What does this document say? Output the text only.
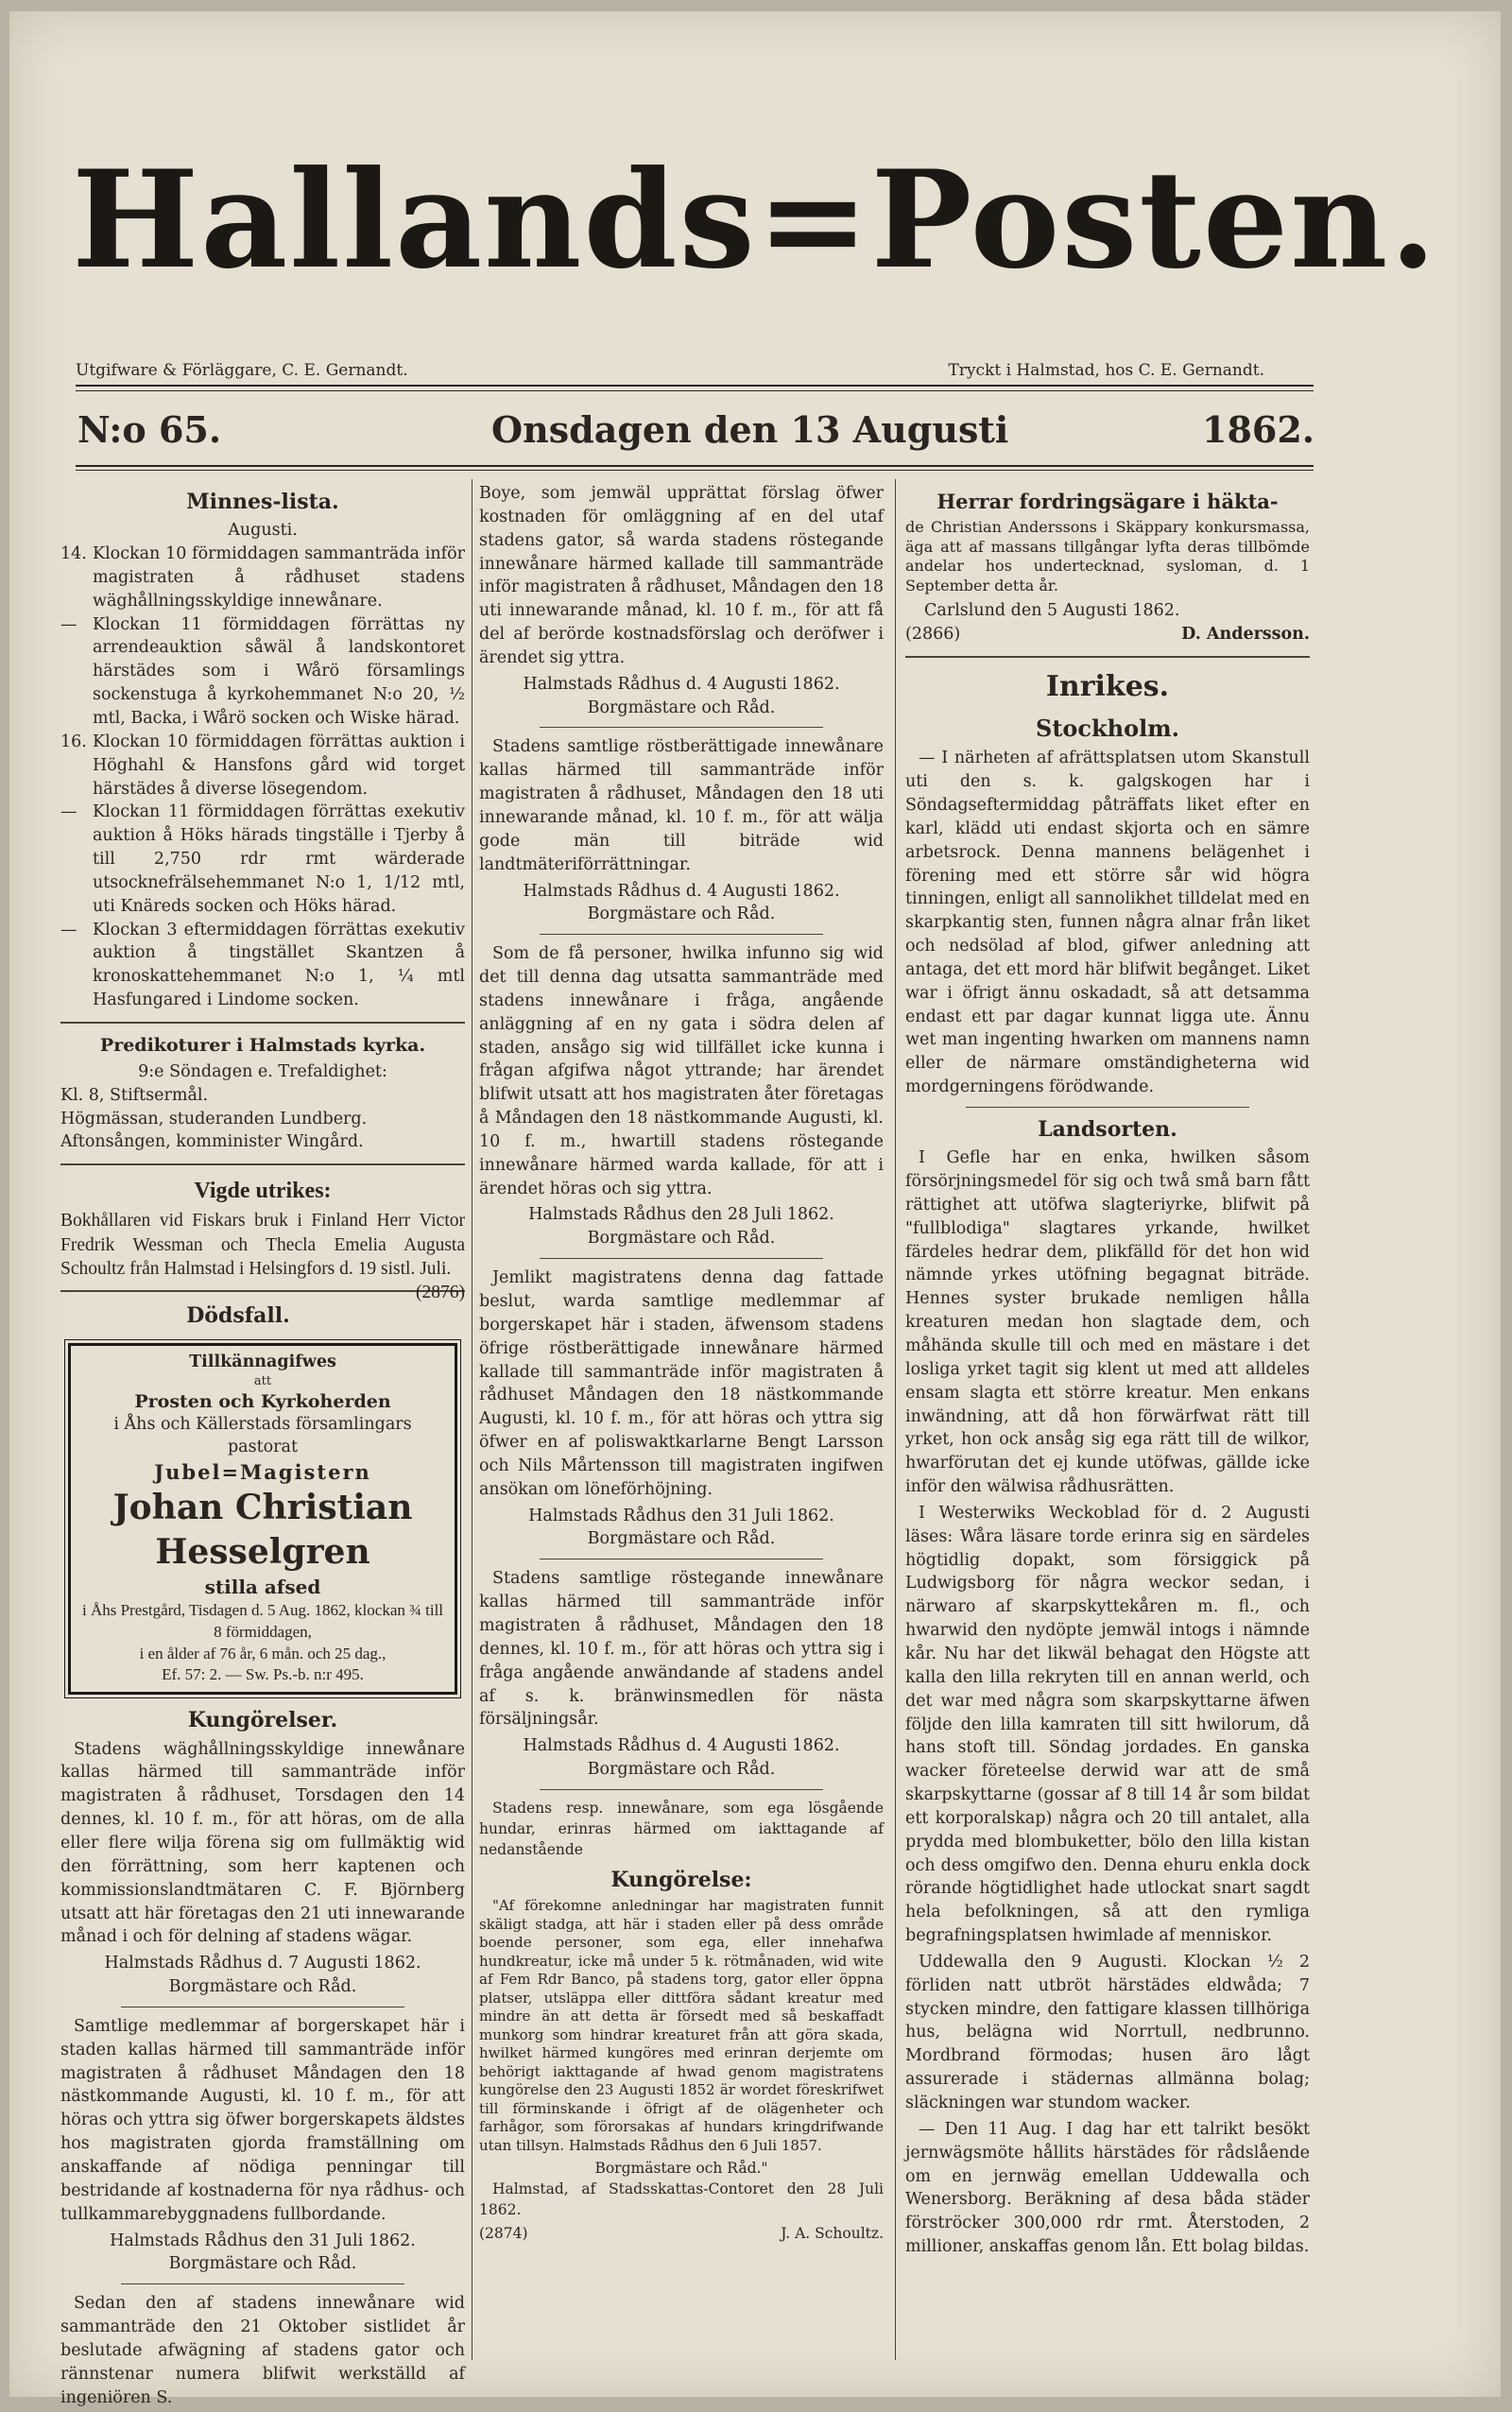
Hallands=Posten.
Utgifware & Förläggare, C. E. Gernandt.	Tryckt i Halmstad, hos C. E. Gernandt.
N:o 65.	Onsdagen den 13 Augusti	1862.
Minnes-lista.
Augusti.
14. Klockan 10 förmiddagen sammanträda inför magistraten å rådhuset stadens wäghållningsskyldige innewånare.
— Klockan 11 förmiddagen förrättas ny arrendeauktion såwäl å landskontoret härstädes som i Wårö församlings sockenstuga å kyrkohemmanet N:o 20, ½ mtl, Backa, i Wårö socken och Wiske härad.
16. Klockan 10 förmiddagen förrättas auktion i Höghahl & Hansfons gård wid torget härstädes å diverse lösegendom.
— Klockan 11 förmiddagen förrättas exekutiv auktion å Höks härads tingställe i Tjerby å till 2,750 rdr rmt wärderade utsocknefrälsehemmanet N:o 1, 1/12 mtl, uti Knäreds socken och Höks härad.
— Klockan 3 eftermiddagen förrättas exekutiv auktion å tingstället Skantzen å kronoskattehemmanet N:o 1, ¼ mtl Hasfungared i Lindome socken.
Predikoturer i Halmstads kyrka.
9:e Söndagen e. Trefaldighet:
Kl. 8, Stiftsermål.
Högmässan, studeranden Lundberg.
Aftonsången, komminister Wingård.
Vigde utrikes:
Bokhållaren vid Fiskars bruk i Finland Herr Victor Fredrik Wessman och Thecla Emelia Augusta Schoultz från Halmstad i Helsingfors d. 19 sistl. Juli.
(2876)
Dödsfall.
Tillkännagifwes
att
Prosten och Kyrkoherden
i Åhs och Källerstads församlingars pastorat
Jubel=Magistern
Johan Christian Hesselgren
stilla afsed
i Åhs Prestgård, Tisdagen d. 5 Aug. 1862, klockan ¾ till 8 förmiddagen,
i en ålder af 76 år, 6 mån. och 25 dag.,
Ef. 57: 2. — Sw. Ps.-b. n:r 495.
Kungörelser.

Stadens wäghållningsskyldige innewånare kallas härmed till sammanträde inför magistraten å rådhuset, Torsdagen den 14 dennes, kl. 10 f. m., för att höras, om de alla eller flere wilja förena sig om fullmäktig wid den förrättning, som herr kaptenen och kommissionslandtmätaren C. F. Björnberg utsatt att här företagas den 21 uti innewarande månad i och för delning af stadens wägar.

Halmstads Rådhus d. 7 Augusti 1862.
Borgmästare och Råd.

Samtlige medlemmar af borgerskapet här i staden kallas härmed till sammanträde inför magistraten å rådhuset Måndagen den 18 nästkommande Augusti, kl. 10 f. m., för att höras och yttra sig öfwer borgerskapets äldstes hos magistraten gjorda framställning om anskaffande af nödiga penningar till bestridande af kostnaderna för nya rådhus- och tullkammarebyggnadens fullbordande.

Halmstads Rådhus den 31 Juli 1862.
Borgmästare och Råd.

Sedan den af stadens innewånare wid sammanträde den 21 Oktober sistlidet år beslutade afwägning af stadens gator och rännstenar numera blifwit werkställd af ingeniören S.

Boye, som jemwäl upprättat förslag öfwer kostnaden för omläggning af en del utaf stadens gator, så warda stadens röstegande innewånare härmed kallade till sammanträde inför magistraten å rådhuset, Måndagen den 18 uti innewarande månad, kl. 10 f. m., för att få del af berörde kostnadsförslag och deröfwer i ärendet sig yttra.

Halmstads Rådhus d. 4 Augusti 1862.
Borgmästare och Råd.

Stadens samtlige röstberättigade innewånare kallas härmed till sammanträde inför magistraten å rådhuset, Måndagen den 18 uti innewarande månad, kl. 10 f. m., för att wälja gode män till biträde wid landtmäteriförrättningar.

Halmstads Rådhus d. 4 Augusti 1862.
Borgmästare och Råd.

Som de få personer, hwilka infunno sig wid det till denna dag utsatta sammanträde med stadens innewånare i fråga, angående anläggning af en ny gata i södra delen af staden, ansågo sig wid tillfället icke kunna i frågan afgifwa något yttrande; har ärendet blifwit utsatt att hos magistraten åter företagas å Måndagen den 18 nästkommande Augusti, kl. 10 f. m., hwartill stadens röstegande innewånare härmed warda kallade, för att i ärendet höras och sig yttra.

Halmstads Rådhus den 28 Juli 1862.
Borgmästare och Råd.

Jemlikt magistratens denna dag fattade beslut, warda samtlige medlemmar af borgerskapet här i staden, äfwensom stadens öfrige röstberättigade innewånare härmed kallade till sammanträde inför magistraten å rådhuset Måndagen den 18 nästkommande Augusti, kl. 10 f. m., för att höras och yttra sig öfwer en af poliswaktkarlarne Bengt Larsson och Nils Mårtensson till magistraten ingifwen ansökan om löneförhöjning.

Halmstads Rådhus den 31 Juli 1862.
Borgmästare och Råd.

Stadens samtlige röstegande innewånare kallas härmed till sammanträde inför magistraten å rådhuset, Måndagen den 18 dennes, kl. 10 f. m., för att höras och yttra sig i fråga angående anwändande af stadens andel af s. k. bränwinsmedlen för nästa försäljningsår.

Halmstads Rådhus d. 4 Augusti 1862.
Borgmästare och Råd.

Stadens resp. innewånare, som ega lösgående hundar, erinras härmed om iakttagande af nedanstående

Kungörelse:

"Af förekomne anledningar har magistraten funnit skäligt stadga, att här i staden eller på dess område boende personer, som ega, eller innehafwa hundkreatur, icke må under 5 k. rötmånaden, wid wite af Fem Rdr Banco, på stadens torg, gator eller öppna platser, utsläppa eller dittföra sådant kreatur med mindre än att detta är försedt med så beskaffadt munkorg som hindrar kreaturet från att göra skada, hwilket härmed kungöres med erinran derjemte om behörigt iakttagande af hwad genom magistratens kungörelse den 23 Augusti 1852 är wordet föreskrifwet till förminskande i öfrigt af de olägenheter och farhågor, som förorsakas af hundars kringdrifwande utan tillsyn. Halmstads Rådhus den 6 Juli 1857.

Borgmästare och Råd."

Halmstad, af Stadsskattas-Contoret den 28 Juli 1862.

(2874)	J. A. Schoultz.
Herrar fordringsägare i häkta-

de Christian Anderssons i Skäppary konkursmassa, äga att af massans tillgångar lyfta deras tillbömde andelar hos undertecknad, sysloman, d. 1 September detta år.

Carlslund den 5 Augusti 1862.
(2866)	D. Andersson.
Inrikes.
Stockholm.

— I närheten af afrättsplatsen utom Skanstull uti den s. k. galgskogen har i Söndagseftermiddag påträffats liket efter en karl, klädd uti endast skjorta och en sämre arbetsrock. Denna mannens belägenhet i förening med ett större sår wid högra tinningen, enligt all sannolikhet tilldelat med en skarpkantig sten, funnen några alnar från liket och nedsölad af blod, gifwer anledning att antaga, det ett mord här blifwit begånget. Liket war i öfrigt ännu oskadadt, så att detsamma endast ett par dagar kunnat ligga ute. Ännu wet man ingenting hwarken om mannens namn eller de närmare omständigheterna wid mordgerningens förödwande.

Landsorten.

I Gefle har en enka, hwilken såsom försörjningsmedel för sig och twå små barn fått rättighet att utöfwa slagteriyrke, blifwit på "fullblodiga" slagtares yrkande, hwilket färdeles hedrar dem, plikfälld för det hon wid nämnde yrkes utöfning begagnat biträde. Hennes syster brukade nemligen hålla kreaturen medan hon slagtade dem, och måhända skulle till och med en mästare i det losliga yrket tagit sig klent ut med att alldeles ensam slagta ett större kreatur. Men enkans inwändning, att då hon förwärfwat rätt till yrket, hon ock ansåg sig ega rätt till de wilkor, hwarförutan det ej kunde utöfwas, gällde icke inför den wälwisa rådhusrätten.

I Westerwiks Weckoblad för d. 2 Augusti läses: Wåra läsare torde erinra sig en särdeles högtidlig dopakt, som försiggick på Ludwigsborg för några weckor sedan, i närwaro af skarpskyttekåren m. fl., och hwarwid den nydöpte jemwäl intogs i nämnde kår. Nu har det likwäl behagat den Högste att kalla den lilla rekryten till en annan werld, och det war med några som skarpskyttarne äfwen följde den lilla kamraten till sitt hwilorum, då hans stoft till. Söndag jordades. En ganska wacker företeelse derwid war att de små skarpskyttarne (gossar af 8 till 14 år som bildat ett korporalskap) några och 20 till antalet, alla prydda med blombuketter, bölo den lilla kistan och dess omgifwo den. Denna ehuru enkla dock rörande högtidlighet hade utlockat snart sagdt hela befolkningen, så att den rymliga begrafningsplatsen hwimlade af menniskor.

Uddewalla den 9 Augusti. Klockan ½ 2 förliden natt utbröt härstädes eldwåda; 7 stycken mindre, den fattigare klassen tillhöriga hus, belägna wid Norrtull, nedbrunno. Mordbrand förmodas; husen äro lågt assurerade i städernas allmänna bolag; släckningen war stundom wacker.

— Den 11 Aug. I dag har ett talrikt besökt jernwägsmöte hållits härstädes för rådslående om en jernwäg emellan Uddewalla och Wenersborg. Beräkning af desa båda städer förströcker 300,000 rdr rmt. Återstoden, 2 millioner, anskaffas genom lån. Ett bolag bildas.
